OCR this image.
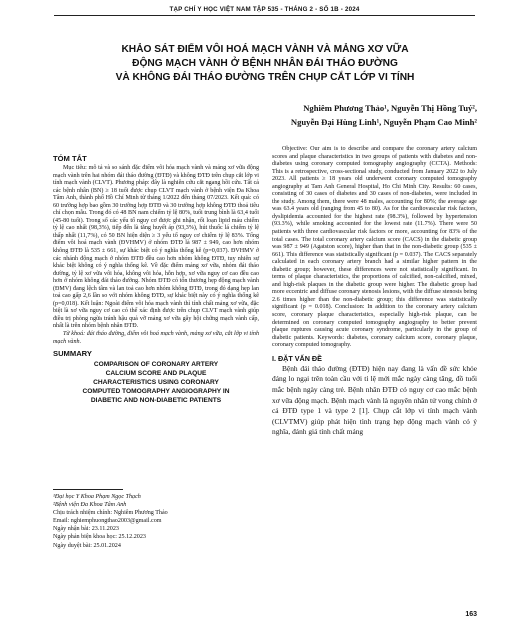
TẠP CHÍ Y HỌC VIỆT NAM TẬP 535 - THÁNG 2 - SỐ 1B - 2024
KHẢO SÁT ĐIỂM VÔI HOÁ MẠCH VÀNH VÀ MẢNG XƠ VỮA
ĐỘNG MẠCH VÀNH Ở BỆNH NHÂN ĐÁI THÁO ĐƯỜNG
VÀ KHÔNG ĐÁI THÁO ĐƯỜNG TRÊN CHỤP CẮT LỚP VI TÍNH
Nghiêm Phương Thảo¹, Nguyễn Thị Hồng Tuý²,
Nguyễn Đại Hùng Linh¹, Nguyễn Phạm Cao Minh²
TÓM TẮT

Mục tiêu: mô tả và so sánh đặc điểm vôi hóa mạch vành và mảng xơ vữa động mạch vành trên hai nhóm đái tháo đường (ĐTĐ) và không ĐTĐ trên chụp cắt lớp vi tính mạch vành (CLVT). Phương pháp: đây là nghiên cứu cắt ngang hồi cứu. Tất cả các bệnh nhân (BN) ≥ 18 tuổi được chụp CLVT mạch vành ở bệnh viện Đa Khoa Tâm Anh, thành phố Hồ Chí Minh từ tháng 1/2022 đến tháng 07/2023. Kết quả: có 60 trường hợp bao gồm 30 trường hợp ĐTĐ và 30 trường hợp không ĐTĐ thoả tiêu chí chọn mẫu. Trong đó có 48 BN nam chiếm tỷ lệ 80%, tuổi trung bình là 63,4 tuổi (45-80 tuổi). Trong số các yếu tố nguy cơ được ghi nhận, rối loạn lipid máu chiếm tỷ lệ cao nhất (98,3%), tiếp đến là tăng huyết áp (93,3%), hút thuốc lá chiếm tỷ lệ thấp nhất (11,7%), có 50 BN hiện diện ≥ 3 yếu tố nguy cơ chiếm tỷ lệ 83%. Tổng điểm vôi hoá mạch vành (ĐVHMV) ở nhóm ĐTĐ là 987 ± 949, cao hơn nhóm không ĐTĐ là 535 ± 661, sự khác biệt có ý nghĩa thống kê (p=0,037). ĐVHMV ở các nhánh động mạch ở nhóm ĐTĐ đều cao hơn nhóm không ĐTĐ, tuy nhiên sự khác biệt không có ý nghĩa thống kê. Về đặc điểm mảng xơ vữa, nhóm đái tháo đường, tỷ lệ xơ vữa vôi hóa, không vôi hóa, hỗn hợp, xơ vữa nguy cơ cao đều cao hơn ở nhóm không đái tháo đường. Nhóm ĐTĐ có tổn thương hẹp động mạch vành (ĐMV) đang lệch tâm và lan toả cao hơn nhóm không ĐTĐ, trong đó dạng hẹp lan toả cao gấp 2,6 lần so với nhóm không ĐTĐ, sự khác biệt này có ý nghĩa thống kê (p=0,018). Kết luận: Ngoài điểm vôi hóa mạch vành thì tính chất mảng xơ vữa, đặc biệt là xơ vữa nguy cơ cao có thể xác định được trên chụp CLVT mạch vành giúp điều trị phòng ngừa tránh hậu quả vỡ mảng xơ vữa gây hội chứng mạch vành cấp, nhất là trên nhóm bệnh nhân ĐTĐ.

Từ khoá: đái tháo đường, điểm vôi hoá mạch vành, mảng xơ vữa, cắt lớp vi tính mạch vành.

SUMMARY
COMPARISON OF CORONARY ARTERY
CALCIUM SCORE AND PLAQUE
CHARACTERISTICS USING CORONARY
COMPUTED TOMOGRAPHY ANGIOGRAPHY IN
DIABETIC AND NON-DIABETIC PATIENTS
¹Đại học Y Khoa Phạm Ngọc Thạch
²Bệnh viện Đa Khoa Tâm Anh
Chịu trách nhiệm chính: Nghiêm Phương Thảo
Email: nghiemphuongthao2003@gmail.com
Ngày nhận bài: 23.11.2023
Ngày phản biện khoa học: 25.12.2023
Ngày duyệt bài: 25.01.2024

Objective: Our aim is to describe and compare the coronary artery calcium scores and plaque characteristics in two groups of patients with diabetes and non-diabetes using coronary computed tomography angiography (CCTA). Methods: This is a retrospective, cross-sectional study, conducted from January 2022 to July 2023. All patients ≥ 18 years old underwent coronary computed tomography angiography at Tam Anh General Hospital, Ho Chi Minh City. Results: 60 cases, consisting of 30 cases of diabetes and 30 cases of non-diabetes, were included in the study. Among them, there were 48 males, accounting for 80%; the average age was 63.4 years old (ranging from 45 to 80). As for the cardiovascular risk factors, dyslipidemia accounted for the highest rate (98.3%), followed by hypertension (93.3%), while smoking accounted for the lowest rate (11.7%). There were 50 patients with three cardiovascular risk factors or more, accounting for 83% of the total cases. The total coronary artery calcium score (CACS) in the diabetic group was 987 ± 949 (Agatston score), higher than that in the non-diabetic group (535 ± 661). This difference was statistically significant (p = 0.037). The CACS separately calculated in each coronary artery branch had a similar higher pattern in the diabetic group; however, these differences were not statistically significant. In terms of plaque characteristics, the proportions of calcified, non-calcified, mixed, and high-risk plaques in the diabetic group were higher. The diabetic group had more eccentric and diffuse coronary stenosis lesions, with the diffuse stenosis being 2.6 times higher than the non-diabetic group; this difference was statistically significant (p = 0.018). Conclusion: In addition to the coronary artery calcium score, coronary plaque characteristics, especially high-risk plaque, can be determined on coronary computed tomography angiography to better prevent plaque ruptures causing acute coronary syndrome, particularly in the group of diabetic patients. Keywords: diabetes, coronary calcium score, coronary plaque, coronary computed tomography.

I. ĐẶT VẤN ĐỀ

Bệnh đái tháo đường (ĐTĐ) hiện nay đang là vấn đề sức khỏe đáng lo ngại trên toàn cầu với tỉ lệ mới mắc ngày càng tăng, đồ tuổi mắc bệnh ngày càng trẻ. Bệnh nhân ĐTĐ có nguy cơ cao mắc bệnh xơ vữa động mạch. Bệnh mạch vành là nguyên nhân tử vong chính ở cả ĐTĐ type 1 và type 2 [1]. Chụp cắt lớp vi tính mạch vành (CLVTMV) giúp phát hiện tình trạng hẹp động mạch vành có ý nghĩa, đánh giá tính chất mảng

163
